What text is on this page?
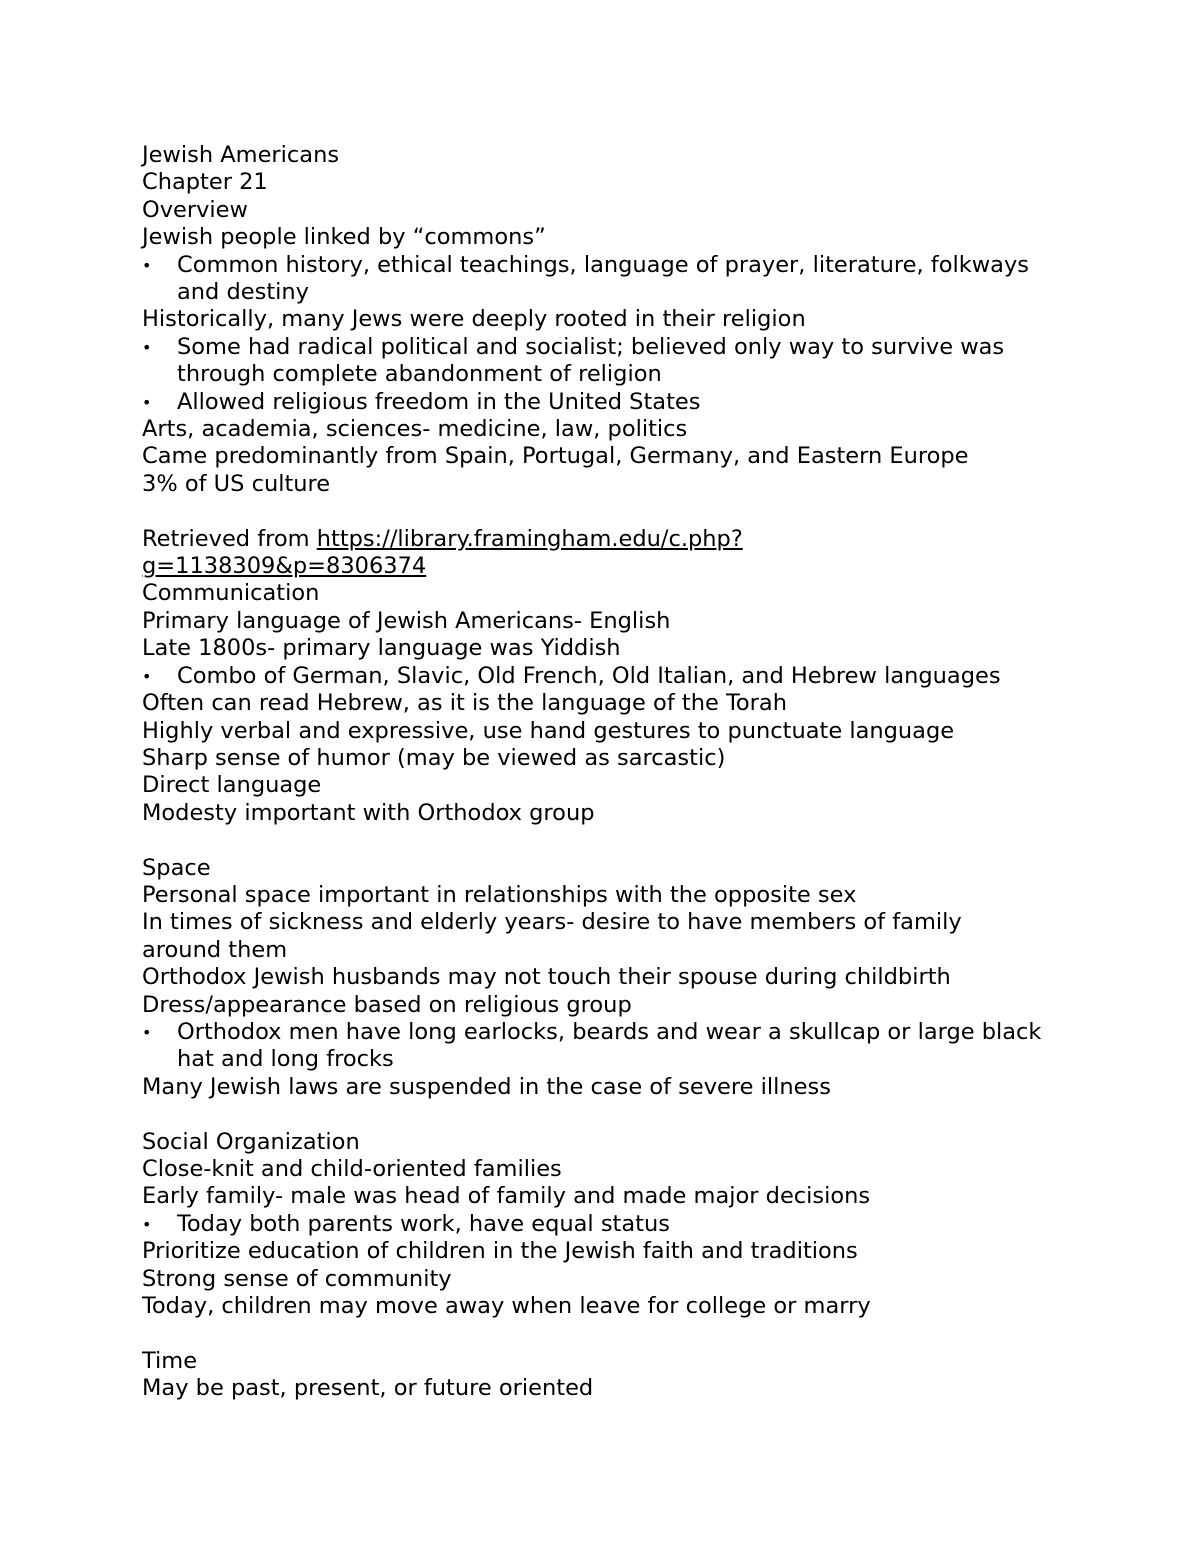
Jewish Americans
Chapter 21
Overview
Jewish people linked by “commons”
•	Common history, ethical teachings, language of prayer, literature, folkways and destiny
Historically, many Jews were deeply rooted in their religion
•	Some had radical political and socialist; believed only way to survive was through complete abandonment of religion
•	Allowed religious freedom in the United States
Arts, academia, sciences- medicine, law, politics
Came predominantly from Spain, Portugal, Germany, and Eastern Europe
3% of US culture
Retrieved from https://library.framingham.edu/c.php?
g=1138309&p=8306374
Communication
Primary language of Jewish Americans- English
Late 1800s- primary language was Yiddish
•	Combo of German, Slavic, Old French, Old Italian, and Hebrew languages
Often can read Hebrew, as it is the language of the Torah
Highly verbal and expressive, use hand gestures to punctuate language
Sharp sense of humor (may be viewed as sarcastic)
Direct language
Modesty important with Orthodox group
Space
Personal space important in relationships with the opposite sex
In times of sickness and elderly years- desire to have members of family
around them
Orthodox Jewish husbands may not touch their spouse during childbirth
Dress/appearance based on religious group
•	Orthodox men have long earlocks, beards and wear a skullcap or large black hat and long frocks
Many Jewish laws are suspended in the case of severe illness
Social Organization
Close-knit and child-oriented families
Early family- male was head of family and made major decisions
•	Today both parents work, have equal status
Prioritize education of children in the Jewish faith and traditions
Strong sense of community
Today, children may move away when leave for college or marry
Time
May be past, present, or future oriented
